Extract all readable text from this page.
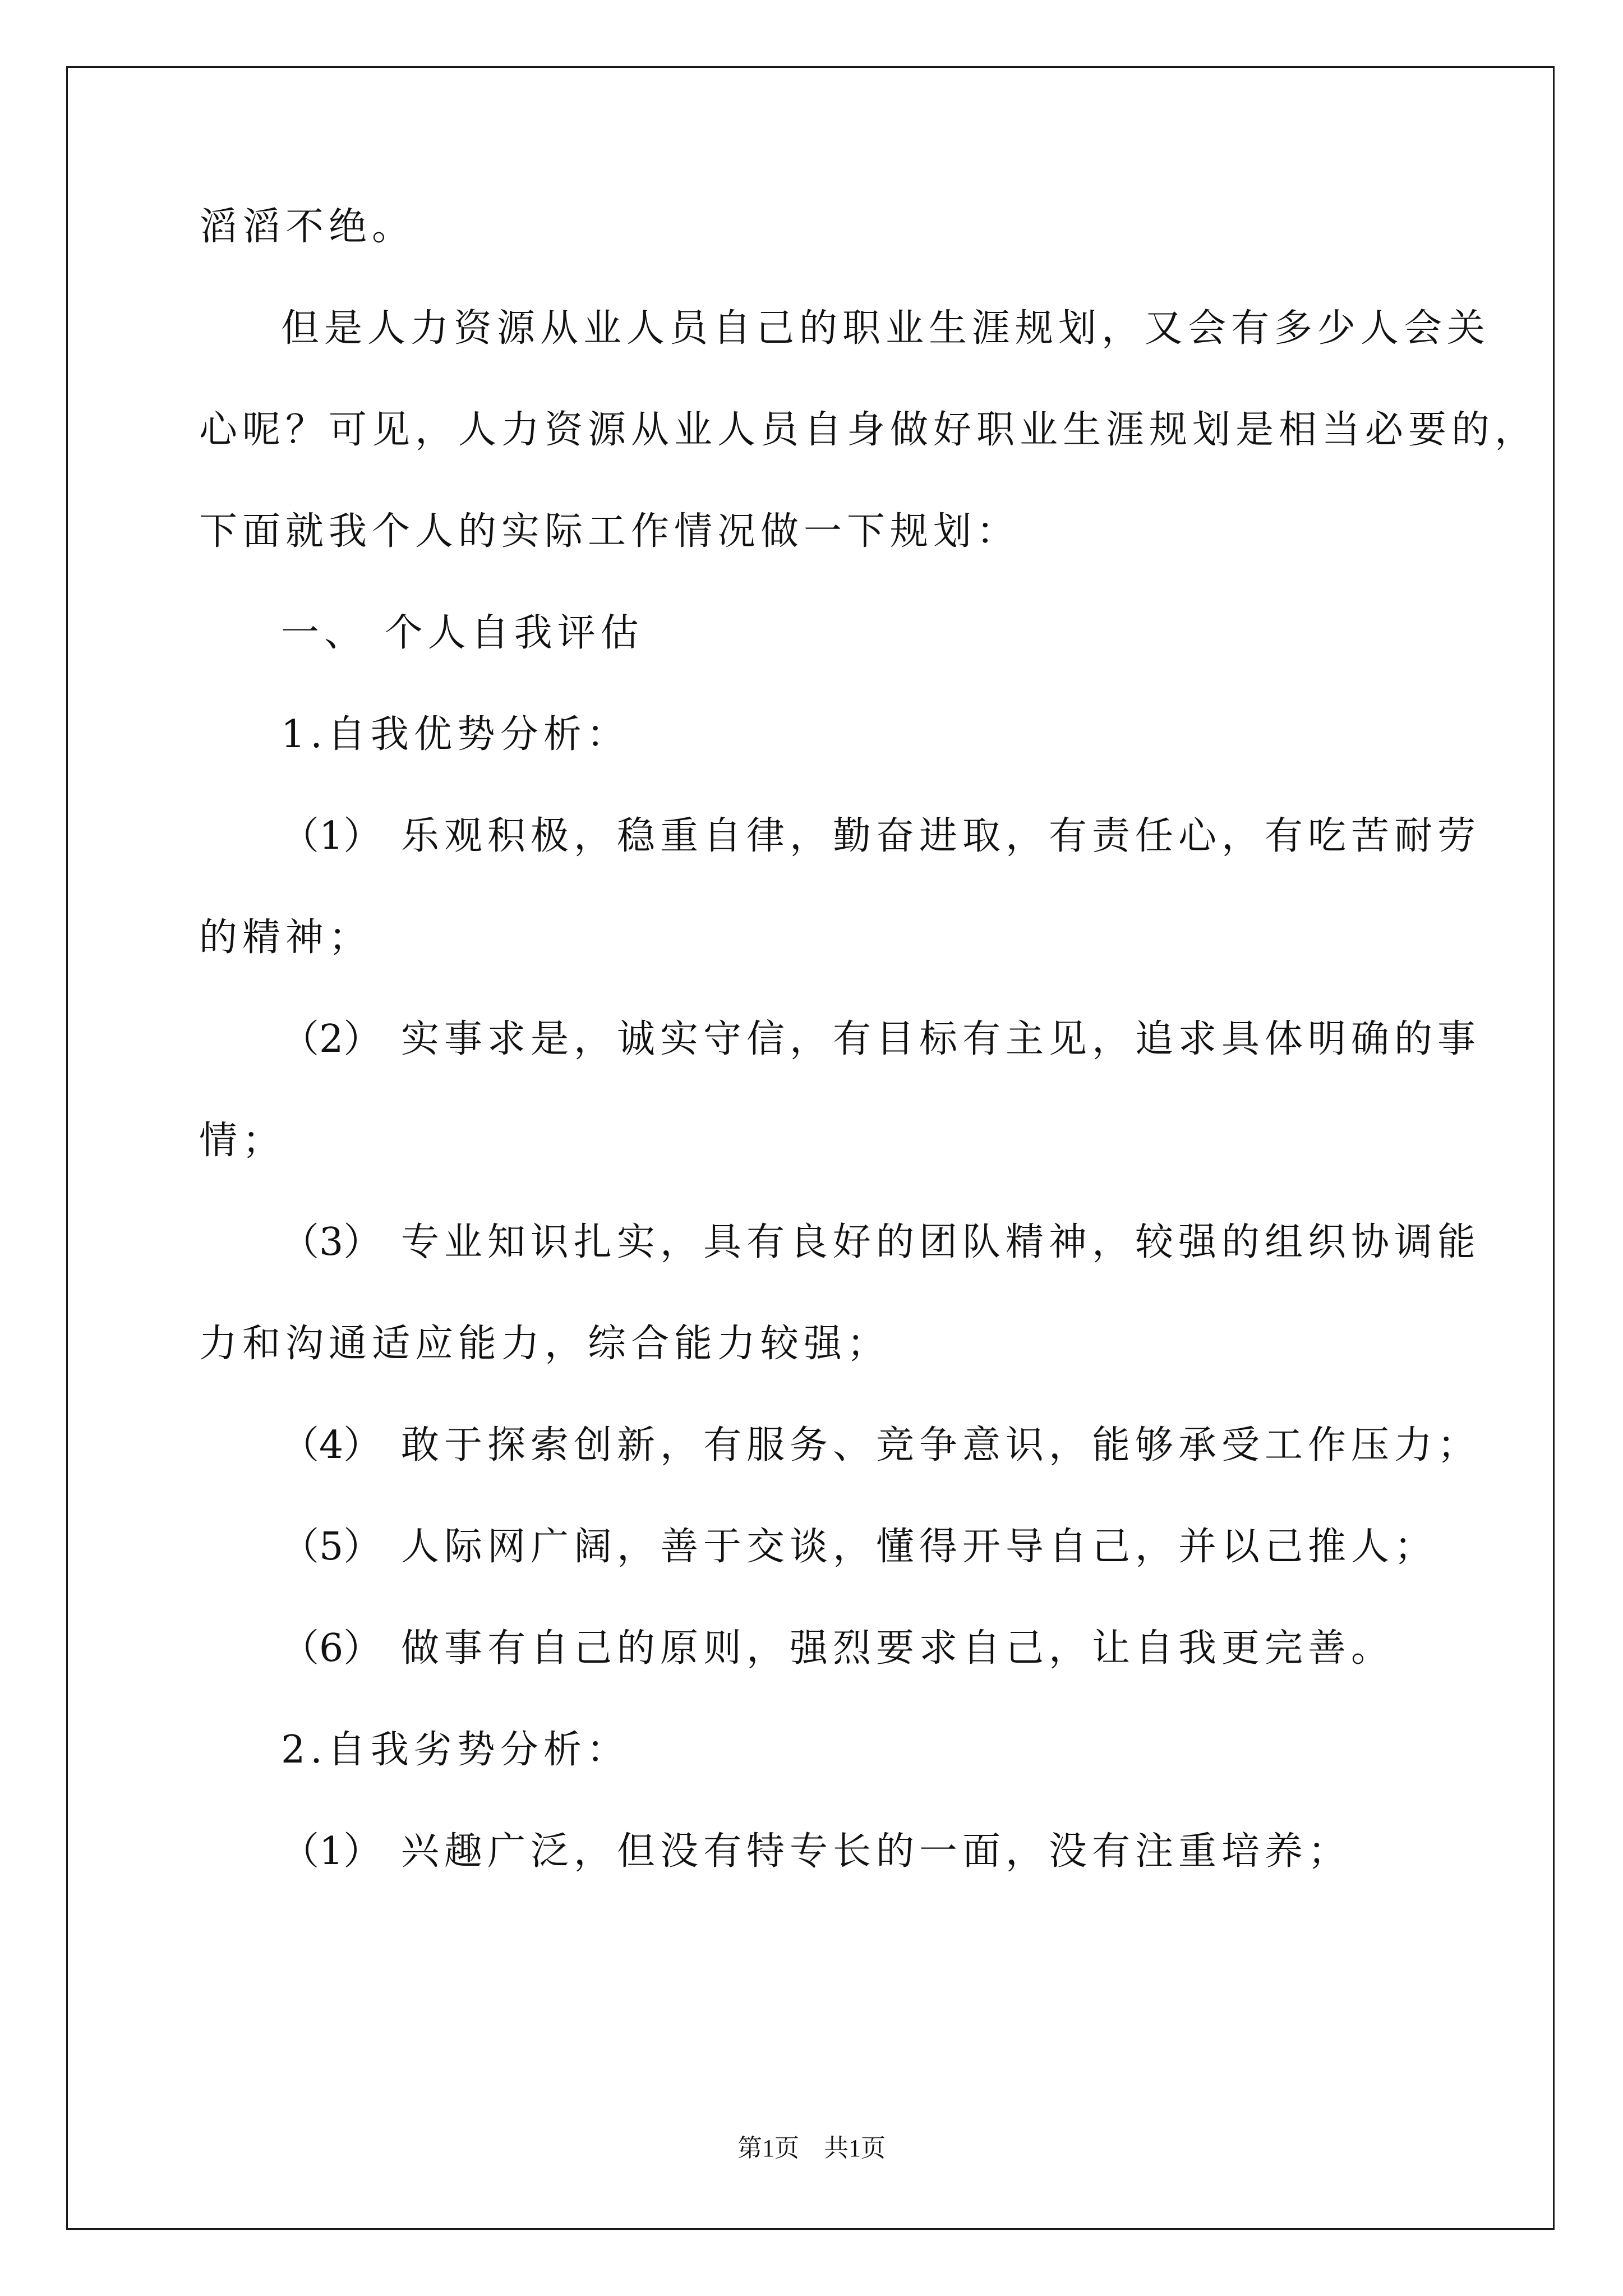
滔滔不绝。
但是人力资源从业人员自己的职业生涯规划，又会有多少人会关
心呢？可见，人力资源从业人员自身做好职业生涯规划是相当必要的，
下面就我个人的实际工作情况做一下规划：
一、 个人自我评估
1.自我优势分析：
（1） 乐观积极，稳重自律，勤奋进取，有责任心，有吃苦耐劳
的精神；
（2） 实事求是，诚实守信，有目标有主见，追求具体明确的事
情；
（3） 专业知识扎实，具有良好的团队精神，较强的组织协调能
力和沟通适应能力，综合能力较强；
（4） 敢于探索创新，有服务、竞争意识，能够承受工作压力；
（5） 人际网广阔，善于交谈，懂得开导自己，并以己推人；
（6） 做事有自己的原则，强烈要求自己，让自我更完善。
2.自我劣势分析：
（1） 兴趣广泛，但没有特专长的一面，没有注重培养；
第1页　共1页
